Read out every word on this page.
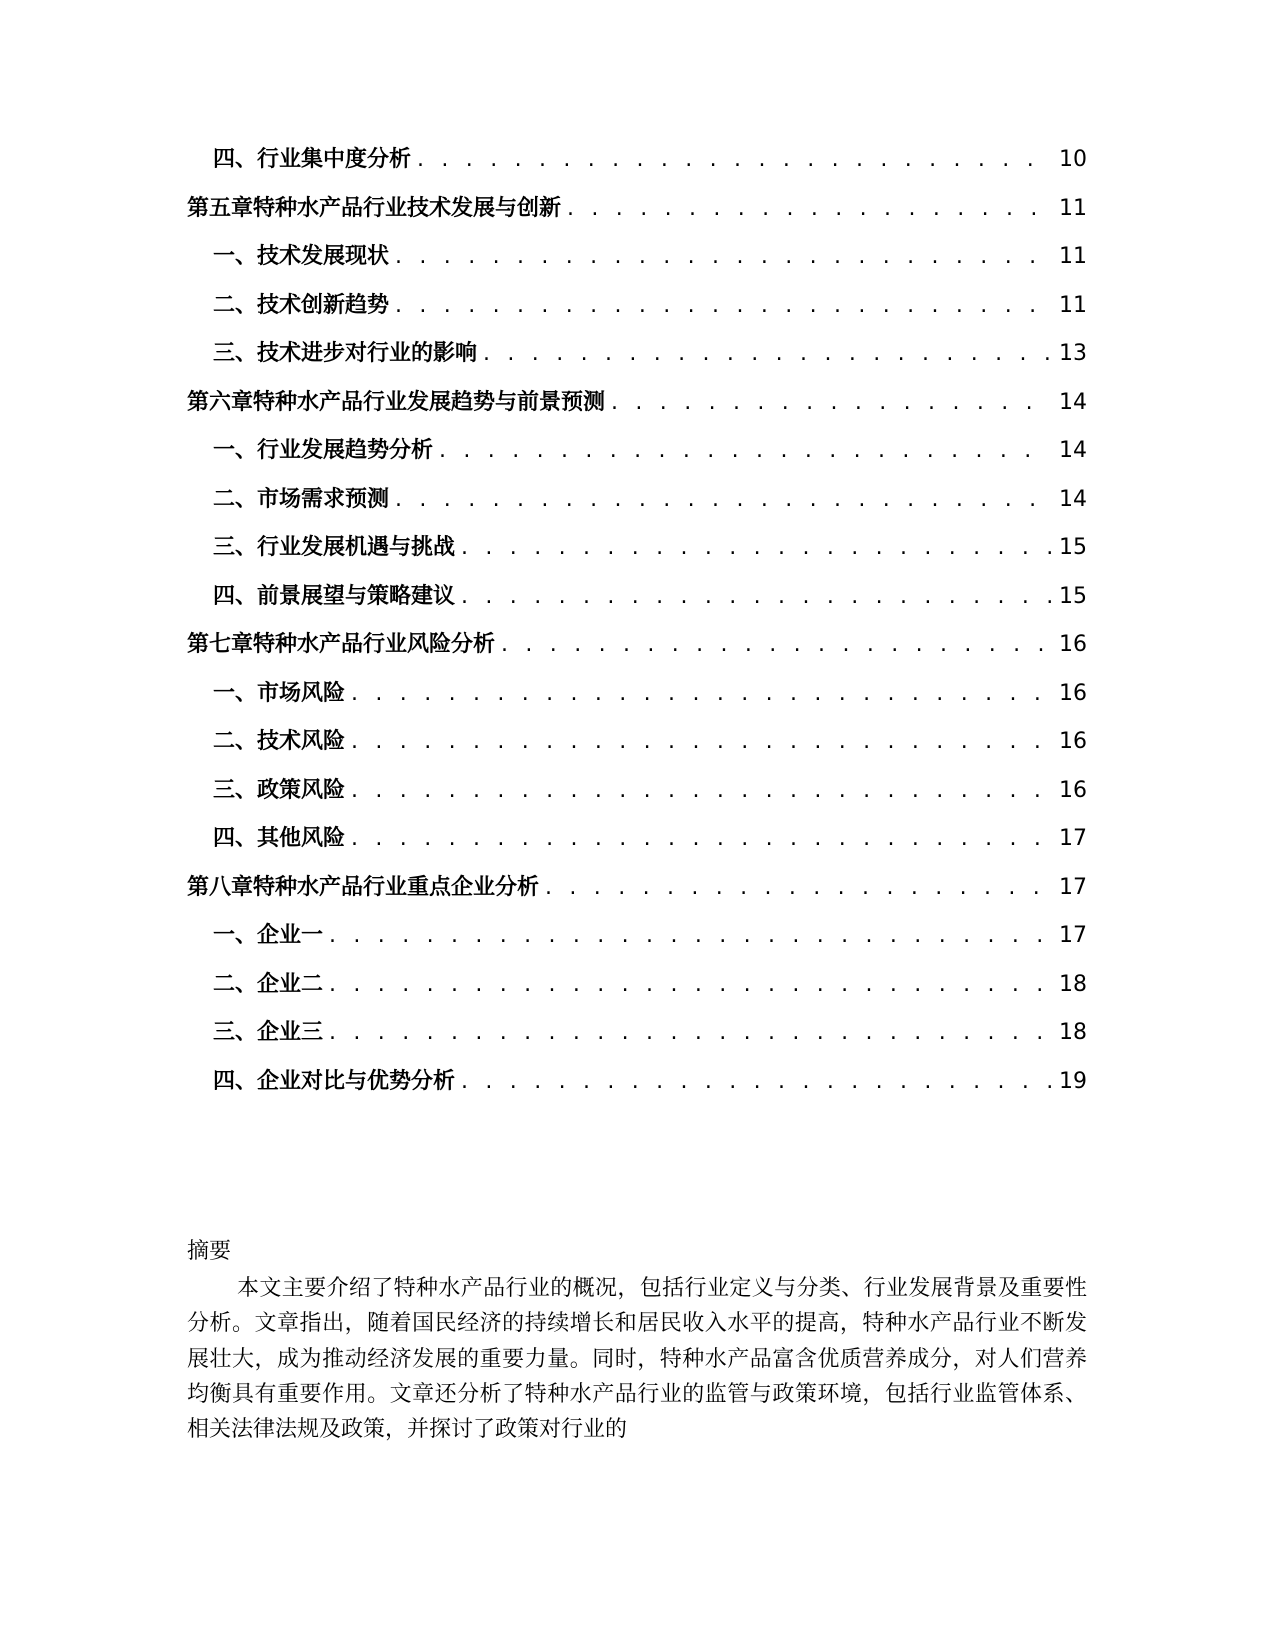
四、 行业集中度分析 . . .	10
第五章 特种水产品行业技术发展与创新 . . .	11
一、 技术发展现状 . . .	11
二、 技术创新趋势 . . .	11
三、 技术进步对行业的影响 . . .	13
第六章 特种水产品行业发展趋势与前景预测 . . .	14
一、 行业发展趋势分析 . . .	14
二、 市场需求预测 . . .	14
三、 行业发展机遇与挑战 . . .	15
四、 前景展望与策略建议 . . .	15
第七章 特种水产品行业风险分析 . . .	16
一、 市场风险 . . .	16
二、 技术风险 . . .	16
三、 政策风险 . . .	16
四、 其他风险 . . .	17
第八章 特种水产品行业重点企业分析 . . .	17
一、 企业一 . . .	17
二、 企业二 . . .	18
三、 企业三 . . .	18
四、 企业对比与优势分析 . . .	19

摘要

本文主要介绍了特种水产品行业的概况，包括行业定义与分类、行业发展背景及重要性分析。文章指出，随着国民经济的持续增长和居民收入水平的提高，特种水产品行业不断发展壮大，成为推动经济发展的重要力量。同时，特种水产品富含优质营养成分，对人们营养均衡具有重要作用。文章还分析了特种水产品行业的监管与政策环境，包括行业监管体系、相关法律法规及政策，并探讨了政策对行业的
